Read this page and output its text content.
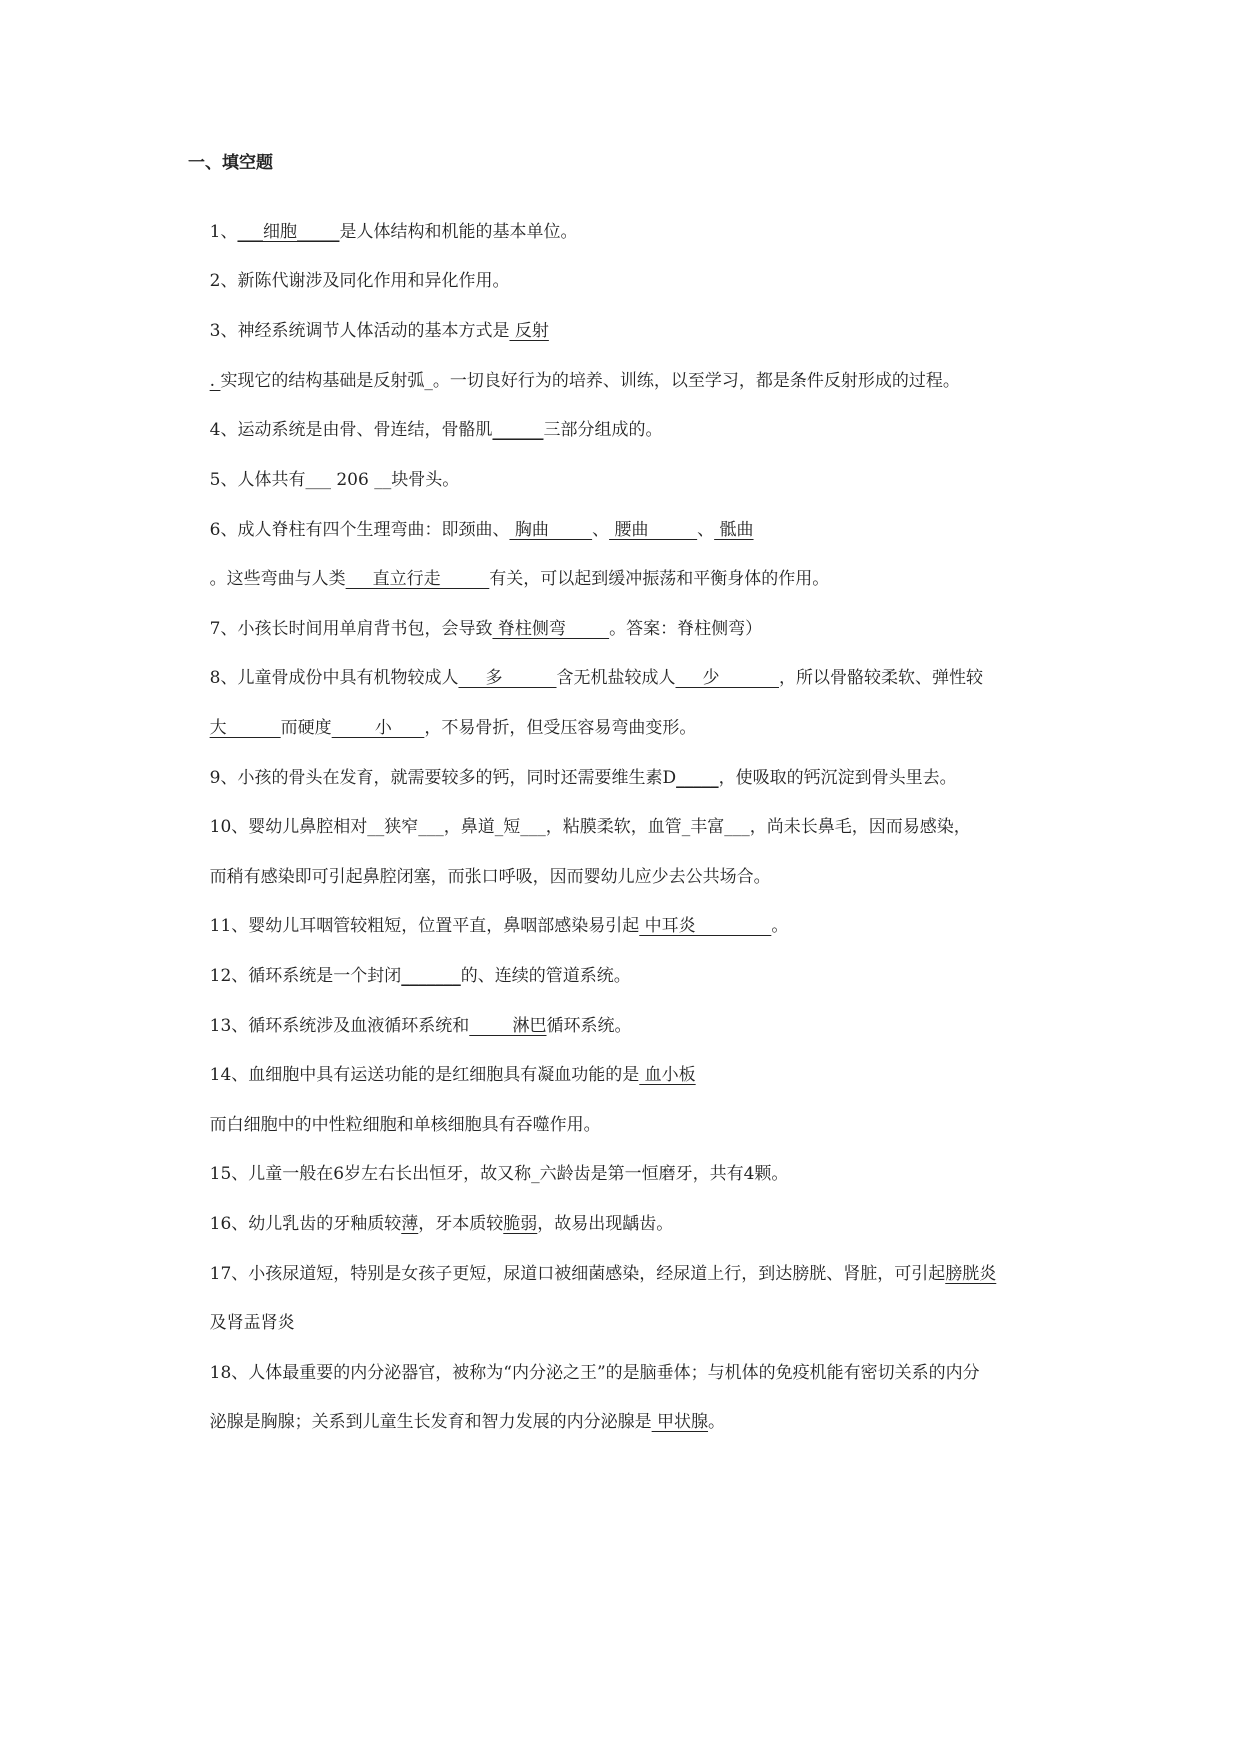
一、填空题

1、___细胞_____是人体结构和机能的基本单位。

2、新陈代谢涉及同化作用和异化作用。

3、神经系统调节人体活动的基本方式是 反射

. 实现它的结构基础是反射弧_。一切良好行为的培养、训练，以至学习，都是条件反射形成的过程。

4、运动系统是由骨、骨连结，骨骼肌______三部分组成的。

5、人体共有___ 206 __块骨头。

6、成人脊柱有四个生理弯曲：即颈曲、 胸曲        、 腰曲         、 骶曲

。这些弯曲与人类     直立行走         有关，可以起到缓冲振荡和平衡身体的作用。

7、小孩长时间用单肩背书包，会导致 脊柱侧弯        。答案：脊柱侧弯）

8、儿童骨成份中具有机物较成人     多          含无机盐较成人     少           ，所以骨骼较柔软、弹性较

大          而硬度        小      ，不易骨折，但受压容易弯曲变形。

9、小孩的骨头在发育，就需要较多的钙，同时还需要维生素D_____，使吸取的钙沉淀到骨头里去。

10、婴幼儿鼻腔相对__狭窄___，鼻道_短___，粘膜柔软，血管_丰富___，尚未长鼻毛，因而易感染，

而稍有感染即可引起鼻腔闭塞，而张口呼吸，因而婴幼儿应少去公共场合。

11、婴幼儿耳咽管较粗短，位置平直，鼻咽部感染易引起 中耳炎              。

12、循环系统是一个封闭_______的、连续的管道系统。

13、循环系统涉及血液循环系统和        淋巴循环系统。

14、血细胞中具有运送功能的是红细胞具有凝血功能的是 血小板

而白细胞中的中性粒细胞和单核细胞具有吞噬作用。

15、儿童一般在6岁左右长出恒牙，故又称_六龄齿是第一恒磨牙，共有4颗。

16、幼儿乳齿的牙釉质较薄，牙本质较脆弱，故易出现龋齿。

17、小孩尿道短，特别是女孩子更短，尿道口被细菌感染，经尿道上行，到达膀胱、肾脏，可引起膀胱炎

及肾盂肾炎

18、人体最重要的内分泌器官，被称为“内分泌之王”的是脑垂体；与机体的免疫机能有密切关系的内分

泌腺是胸腺；关系到儿童生长发育和智力发展的内分泌腺是 甲状腺。
